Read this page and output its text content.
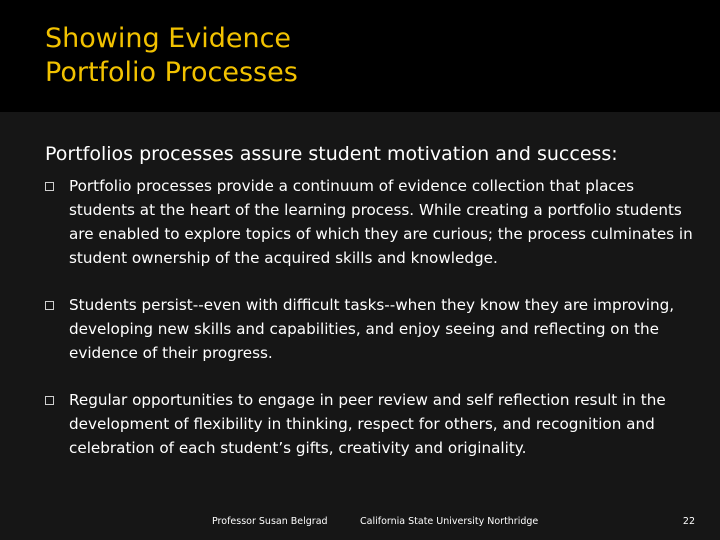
Showing Evidence
Portfolio Processes

Portfolios processes assure student motivation and success:

Portfolio processes provide a continuum of evidence collection that places students at the heart of the learning process. While creating a portfolio students are enabled to explore topics of which they are curious; the process culminates in student ownership of the acquired skills and knowledge.
Students persist--even with difficult tasks--when they know they are improving, developing new skills and capabilities, and enjoy seeing and reflecting on the evidence of their progress.
Regular opportunities to engage in peer review and self reflection result in the development of flexibility in thinking, respect for others, and recognition and celebration of each student’s gifts, creativity and originality.
Professor Susan Belgrad	California State University Northridge	22
